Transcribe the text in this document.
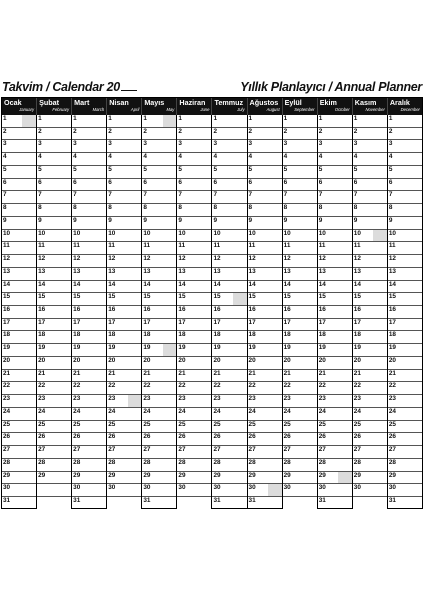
Takvim / Calendar 20	Yıllık Planlayıcı / Annual Planner
Ocak
January
Şubat
February
Mart
March
Nisan
April
Mayıs
May
Haziran
June
Temmuz
July
Ağustos
August
Eylül
September
Ekim
October
Kasım
November
Aralık
December
1
2
3
4
5
6
7
8
9
10
11
12
13
14
15
16
17
18
19
20
21
22
23
24
25
26
27
28
29
30
31
1
2
3
4
5
6
7
8
9
10
11
12
13
14
15
16
17
18
19
20
21
22
23
24
25
26
27
28
29
1
2
3
4
5
6
7
8
9
10
11
12
13
14
15
16
17
18
19
20
21
22
23
24
25
26
27
28
29
30
31
1
2
3
4
5
6
7
8
9
10
11
12
13
14
15
16
17
18
19
20
21
22
23
24
25
26
27
28
29
30
1
2
3
4
5
6
7
8
9
10
11
12
13
14
15
16
17
18
19
20
21
22
23
24
25
26
27
28
29
30
31
1
2
3
4
5
6
7
8
9
10
11
12
13
14
15
16
17
18
19
20
21
22
23
24
25
26
27
28
29
30
1
2
3
4
5
6
7
8
9
10
11
12
13
14
15
16
17
18
19
20
21
22
23
24
25
26
27
28
29
30
31
1
2
3
4
5
6
7
8
9
10
11
12
13
14
15
16
17
18
19
20
21
22
23
24
25
26
27
28
29
30
31
1
2
3
4
5
6
7
8
9
10
11
12
13
14
15
16
17
18
19
20
21
22
23
24
25
26
27
28
29
30
1
2
3
4
5
6
7
8
9
10
11
12
13
14
15
16
17
18
19
20
21
22
23
24
25
26
27
28
29
30
31
1
2
3
4
5
6
7
8
9
10
11
12
13
14
15
16
17
18
19
20
21
22
23
24
25
26
27
28
29
30
1
2
3
4
5
6
7
8
9
10
11
12
13
14
15
16
17
18
19
20
21
22
23
24
25
26
27
28
29
30
31
